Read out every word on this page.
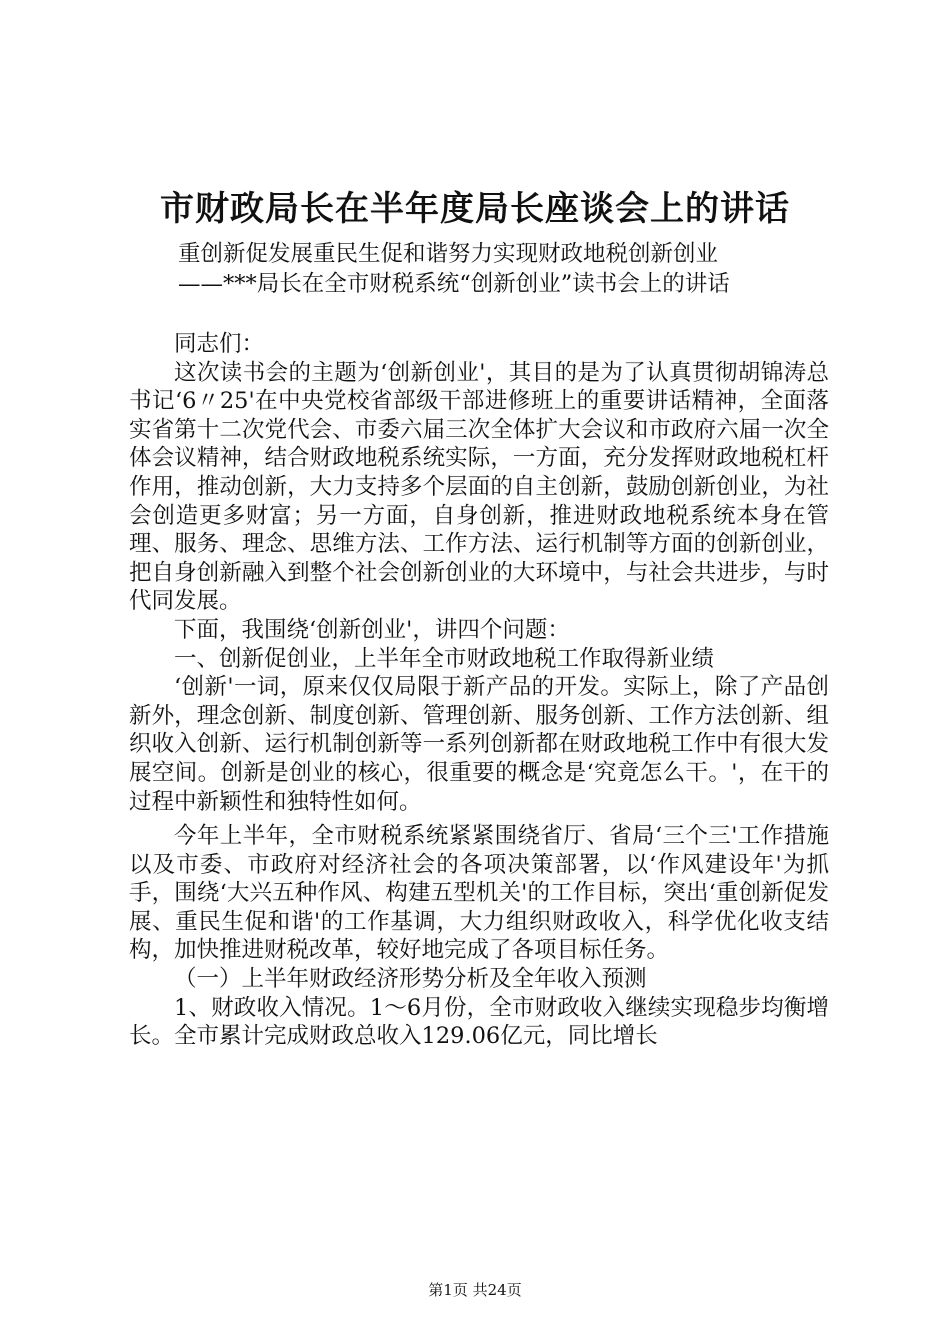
市财政局长在半年度局长座谈会上的讲话
重创新促发展重民生促和谐努力实现财政地税创新创业
——***局长在全市财税系统“创新创业”读书会上的讲话

同志们：

这次读书会的主题为‘创新创业'，其目的是为了认真贯彻胡锦涛总书记‘6〃25'在中央党校省部级干部进修班上的重要讲话精神，全面落实省第十二次党代会、市委六届三次全体扩大会议和市政府六届一次全体会议精神，结合财政地税系统实际，一方面，充分发挥财政地税杠杆作用，推动创新，大力支持多个层面的自主创新，鼓励创新创业，为社会创造更多财富；另一方面，自身创新，推进财政地税系统本身在管理、服务、理念、思维方法、工作方法、运行机制等方面的创新创业，把自身创新融入到整个社会创新创业的大环境中，与社会共进步，与时代同发展。

下面，我围绕‘创新创业'，讲四个问题：

一、创新促创业，上半年全市财政地税工作取得新业绩

‘创新'一词，原来仅仅局限于新产品的开发。实际上，除了产品创新外，理念创新、制度创新、管理创新、服务创新、工作方法创新、组织收入创新、运行机制创新等一系列创新都在财政地税工作中有很大发展空间。创新是创业的核心，很重要的概念是‘究竟怎么干。'，在干的过程中新颖性和独特性如何。

今年上半年，全市财税系统紧紧围绕省厅、省局‘三个三'工作措施以及市委、市政府对经济社会的各项决策部署，以‘作风建设年'为抓手，围绕‘大兴五种作风、构建五型机关'的工作目标，突出‘重创新促发展、重民生促和谐'的工作基调，大力组织财政收入，科学优化收支结构，加快推进财税改革，较好地完成了各项目标任务。

（一）上半年财政经济形势分析及全年收入预测

1、财政收入情况。1～6月份，全市财政收入继续实现稳步均衡增长。全市累计完成财政总收入129.06亿元，同比增长

第1页 共24页
